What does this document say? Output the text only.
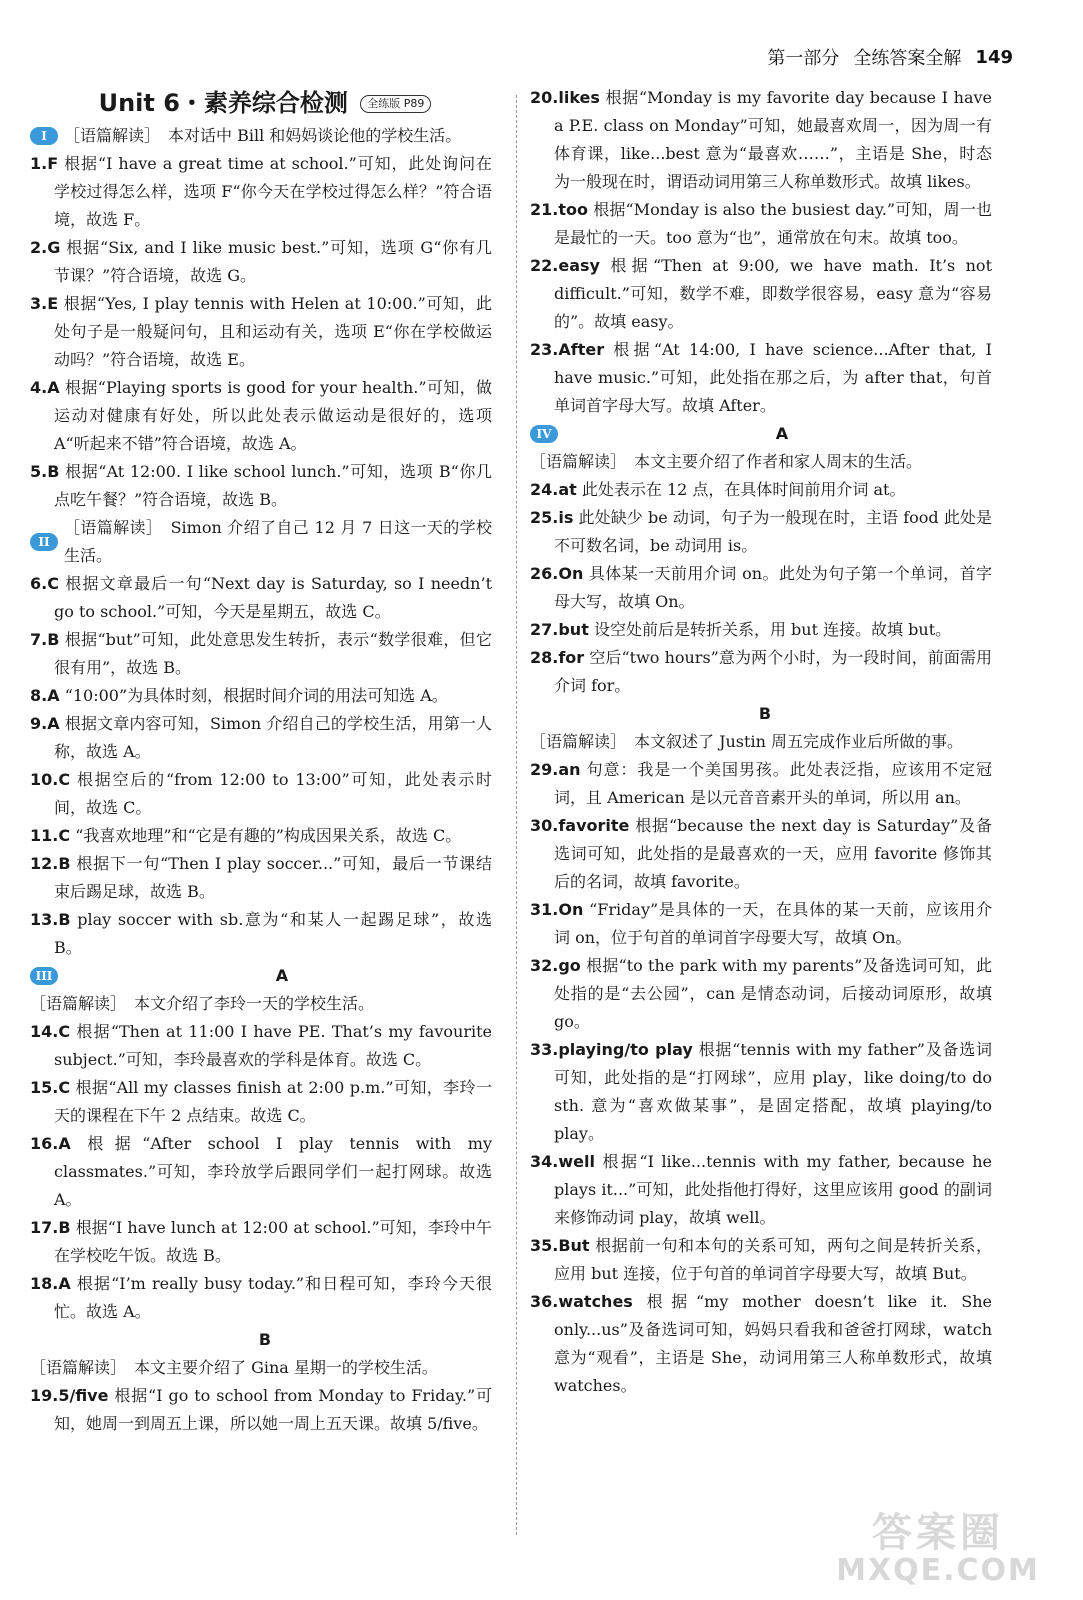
第一部分 全练答案全解 149
Unit 6・素养综合检测 全练版 P89
I	［语篇解读］　本对话中 Bill 和妈妈谈论他的学校生活。

1.F 根据“I have a great time at school.”可知，此处询问在学校过得怎么样，选项 F“你今天在学校过得怎么样？”符合语境，故选 F。

2.G 根据“Six, and I like music best.”可知，选项 G“你有几节课？”符合语境，故选 G。

3.E 根据“Yes, I play tennis with Helen at 10:00.”可知，此处句子是一般疑问句，且和运动有关，选项 E“你在学校做运动吗？”符合语境，故选 E。

4.A 根据“Playing sports is good for your health.”可知，做运动对健康有好处，所以此处表示做运动是很好的，选项 A“听起来不错”符合语境，故选 A。

5.B 根据“At 12:00. I like school lunch.”可知，选项 B“你几点吃午餐？”符合语境，故选 B。

II
［语篇解读］　Simon 介绍了自己 12 月 7 日这一天的学校生活。

6.C 根据文章最后一句“Next day is Saturday, so I needn’t go to school.”可知，今天是星期五，故选 C。

7.B 根据“but”可知，此处意思发生转折，表示“数学很难，但它很有用”，故选 B。

8.A “10:00”为具体时刻，根据时间介词的用法可知选 A。

9.A 根据文章内容可知，Simon 介绍自己的学校生活，用第一人称，故选 A。

10.C 根据空后的“from 12:00 to 13:00”可知，此处表示时间，故选 C。

11.C “我喜欢地理”和“它是有趣的”构成因果关系，故选 C。

12.B 根据下一句“Then I play soccer...”可知，最后一节课结束后踢足球，故选 B。

13.B play soccer with sb.意为“和某人一起踢足球”，故选 B。

III	A

［语篇解读］　本文介绍了李玲一天的学校生活。

14.C 根据“Then at 11:00 I have PE. That’s my favourite subject.”可知，李玲最喜欢的学科是体育。故选 C。

15.C 根据“All my classes finish at 2:00 p.m.”可知，李玲一天的课程在下午 2 点结束。故选 C。

16.A 根据“After school I play tennis with my classmates.”可知，李玲放学后跟同学们一起打网球。故选 A。

17.B 根据“I have lunch at 12:00 at school.”可知，李玲中午在学校吃午饭。故选 B。

18.A 根据“I’m really busy today.”和日程可知，李玲今天很忙。故选 A。

B

［语篇解读］　本文主要介绍了 Gina 星期一的学校生活。

19.5/five 根据“I go to school from Monday to Friday.”可知，她周一到周五上课，所以她一周上五天课。故填 5/five。

20.likes 根据“Monday is my favorite day because I have a P.E. class on Monday”可知，她最喜欢周一，因为周一有体育课，like...best 意为“最喜欢……”，主语是 She，时态为一般现在时，谓语动词用第三人称单数形式。故填 likes。

21.too 根据“Monday is also the busiest day.”可知，周一也是最忙的一天。too 意为“也”，通常放在句末。故填 too。

22.easy 根据“Then at 9:00, we have math. It’s not difficult.”可知，数学不难，即数学很容易，easy 意为“容易的”。故填 easy。

23.After 根据“At 14:00, I have science...After that, I have music.”可知，此处指在那之后，为 after that，句首单词首字母大写。故填 After。

IV	A

［语篇解读］　本文主要介绍了作者和家人周末的生活。

24.at 此处表示在 12 点，在具体时间前用介词 at。

25.is 此处缺少 be 动词，句子为一般现在时，主语 food 此处是不可数名词，be 动词用 is。

26.On 具体某一天前用介词 on。此处为句子第一个单词，首字母大写，故填 On。

27.but 设空处前后是转折关系，用 but 连接。故填 but。

28.for 空后“two hours”意为两个小时，为一段时间，前面需用介词 for。

B

［语篇解读］　本文叙述了 Justin 周五完成作业后所做的事。

29.an 句意：我是一个美国男孩。此处表泛指，应该用不定冠词，且 American 是以元音音素开头的单词，所以用 an。

30.favorite 根据“because the next day is Saturday”及备选词可知，此处指的是最喜欢的一天，应用 favorite 修饰其后的名词，故填 favorite。

31.On “Friday”是具体的一天，在具体的某一天前，应该用介词 on，位于句首的单词首字母要大写，故填 On。

32.go 根据“to the park with my parents”及备选词可知，此处指的是“去公园”，can 是情态动词，后接动词原形，故填 go。

33.playing/to play 根据“tennis with my father”及备选词可知，此处指的是“打网球”，应用 play，like doing/to do sth. 意为“喜欢做某事”，是固定搭配，故填 playing/to play。

34.well 根据“I like...tennis with my father, because he plays it...”可知，此处指他打得好，这里应该用 good 的副词来修饰动词 play，故填 well。

35.But 根据前一句和本句的关系可知，两句之间是转折关系，应用 but 连接，位于句首的单词首字母要大写，故填 But。

36.watches 根据“my mother doesn’t like it. She only...us”及备选词可知，妈妈只看我和爸爸打网球，watch 意为“观看”，主语是 She，动词用第三人称单数形式，故填 watches。

答案圈
MXQE.COM
